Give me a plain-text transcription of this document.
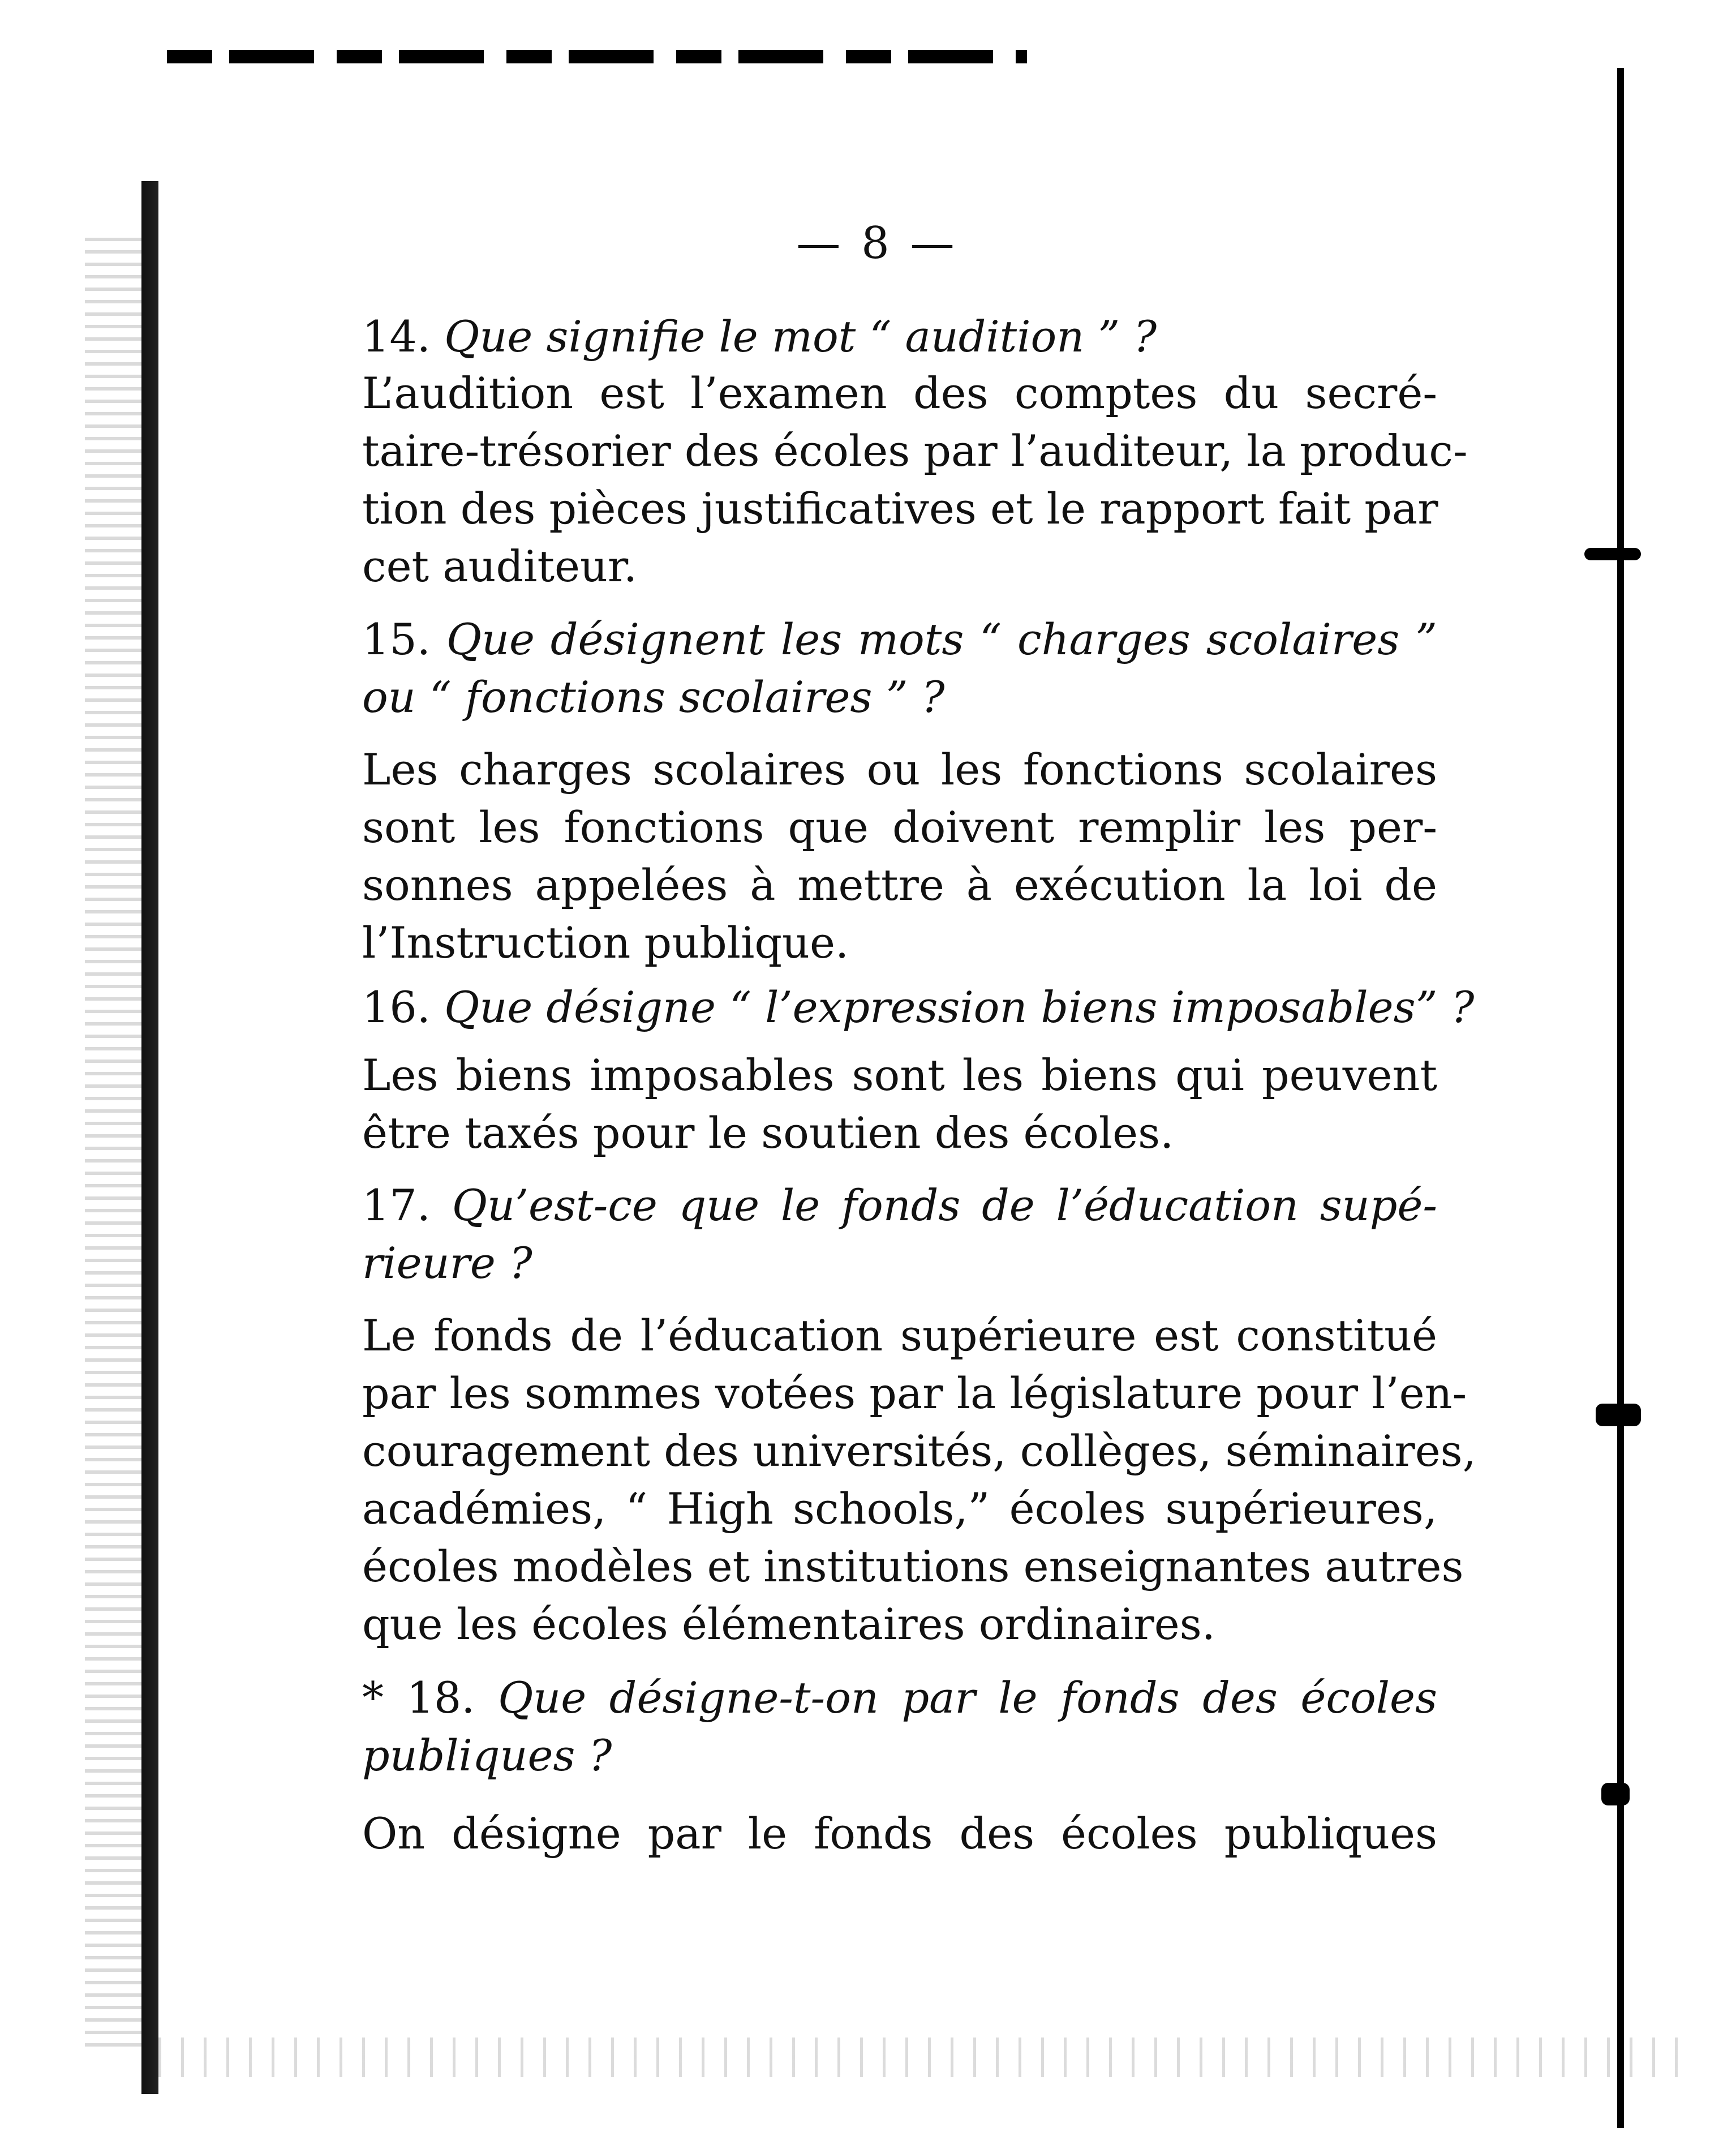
— 8 —
14. Que signifie le mot “ audition ” ?
L’audition est l’examen des comptes du secré-
taire-trésorier des écoles par l’auditeur, la produc-
tion des pièces justificatives et le rapport fait par
cet auditeur.
15. Que désignent les mots “ charges scolaires ”
ou “ fonctions scolaires ” ?
Les charges scolaires ou les fonctions scolaires
sont les fonctions que doivent remplir les per-
sonnes appelées à mettre à exécution la loi de
l’Instruction publique.
16. Que désigne “ l’expression biens imposables” ?
Les biens imposables sont les biens qui peuvent
être taxés pour le soutien des écoles.
17. Qu’est-ce que le fonds de l’éducation supé-
rieure ?
Le fonds de l’éducation supérieure est constitué
par les sommes votées par la législature pour l’en-
couragement des universités, collèges, séminaires,
académies, “ High schools,” écoles supérieures,
écoles modèles et institutions enseignantes autres
que les écoles élémentaires ordinaires.
* 18. Que désigne-t-on par le fonds des écoles
publiques ?
On désigne par le fonds des écoles publiques
